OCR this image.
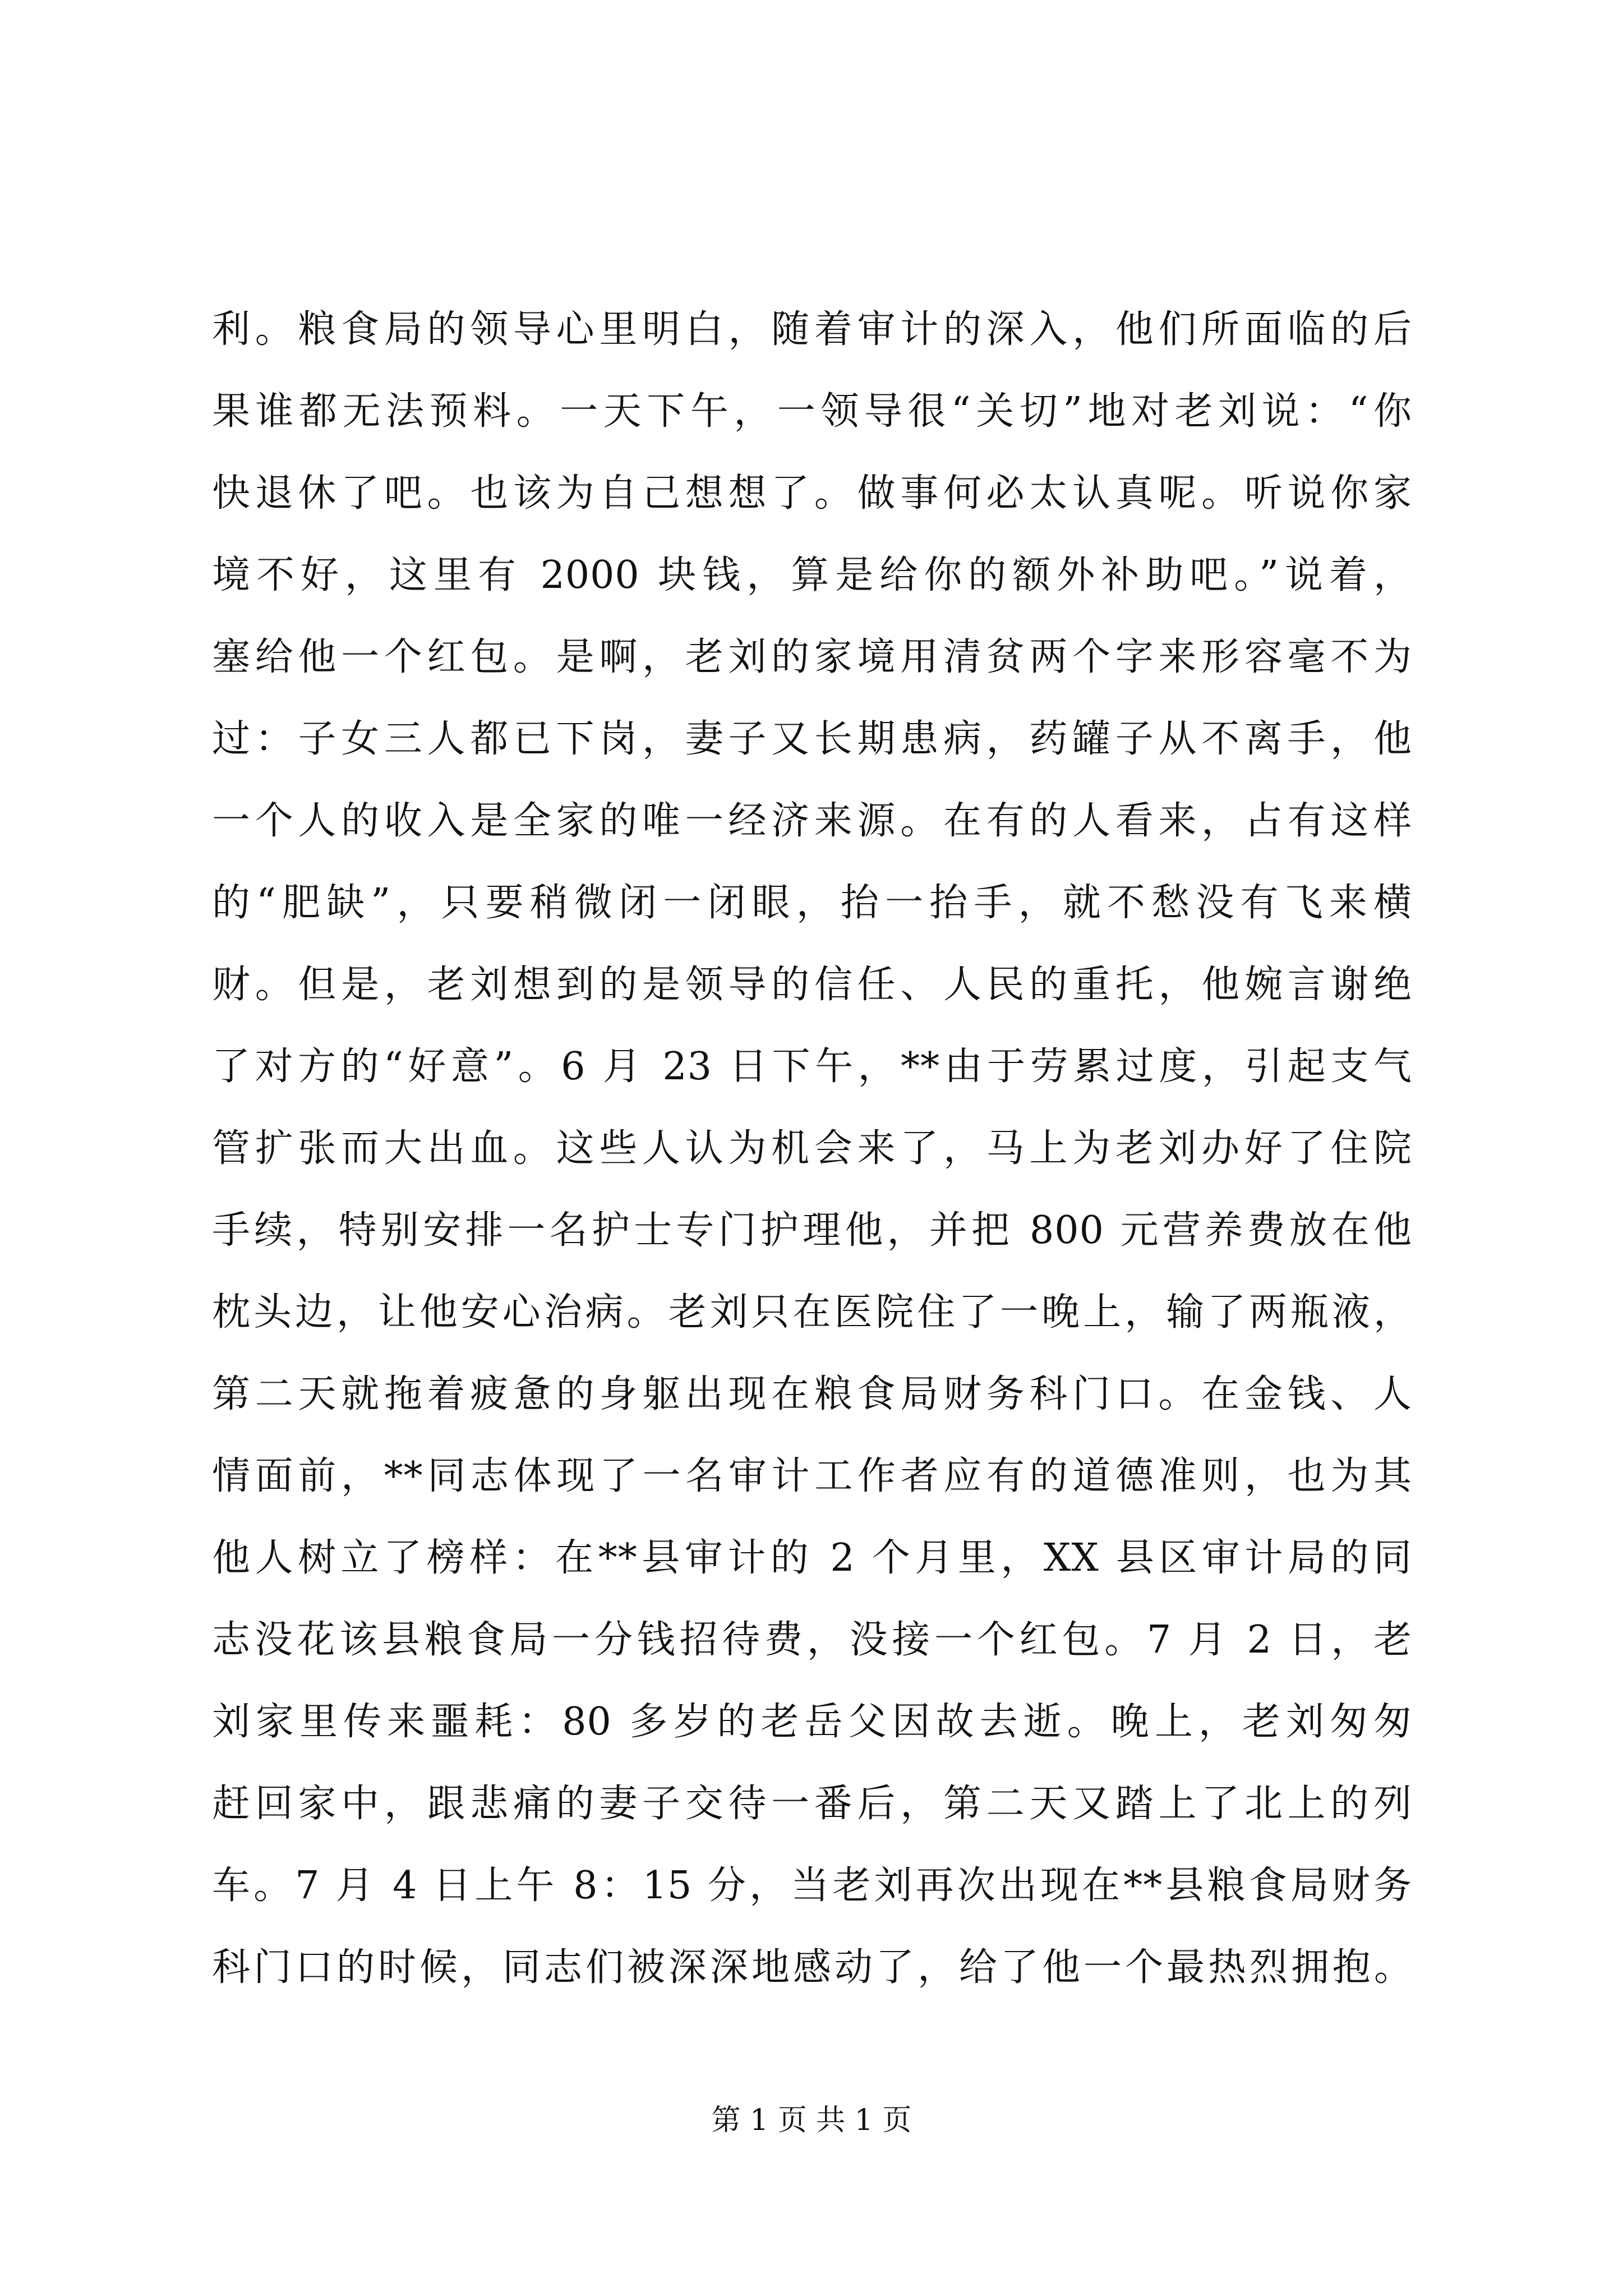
利。粮食局的领导心里明白，随着审计的深入，他们所面临的后
果谁都无法预料。一天下午，一领导很“关切”地对老刘说：“你
快退休了吧。也该为自己想想了。做事何必太认真呢。听说你家
境不好，这里有 2000 块钱，算是给你的额外补助吧。”说着，
塞给他一个红包。是啊，老刘的家境用清贫两个字来形容毫不为
过：子女三人都已下岗，妻子又长期患病，药罐子从不离手，他
一个人的收入是全家的唯一经济来源。在有的人看来，占有这样
的“肥缺”，只要稍微闭一闭眼，抬一抬手，就不愁没有飞来横
财。但是，老刘想到的是领导的信任、人民的重托，他婉言谢绝
了对方的“好意”。6 月 23 日下午，**由于劳累过度，引起支气
管扩张而大出血。这些人认为机会来了，马上为老刘办好了住院
手续，特别安排一名护士专门护理他，并把 800 元营养费放在他
枕头边，让他安心治病。老刘只在医院住了一晚上，输了两瓶液，
第二天就拖着疲惫的身躯出现在粮食局财务科门口。在金钱、人
情面前，**同志体现了一名审计工作者应有的道德准则，也为其
他人树立了榜样：在**县审计的 2 个月里，XX 县区审计局的同
志没花该县粮食局一分钱招待费，没接一个红包。7 月 2 日，老
刘家里传来噩耗：80 多岁的老岳父因故去逝。晚上，老刘匆匆
赶回家中，跟悲痛的妻子交待一番后，第二天又踏上了北上的列
车。7 月 4 日上午 8：15 分，当老刘再次出现在**县粮食局财务
科门口的时候，同志们被深深地感动了，给了他一个最热烈拥抱。
第 1 页 共 1 页
